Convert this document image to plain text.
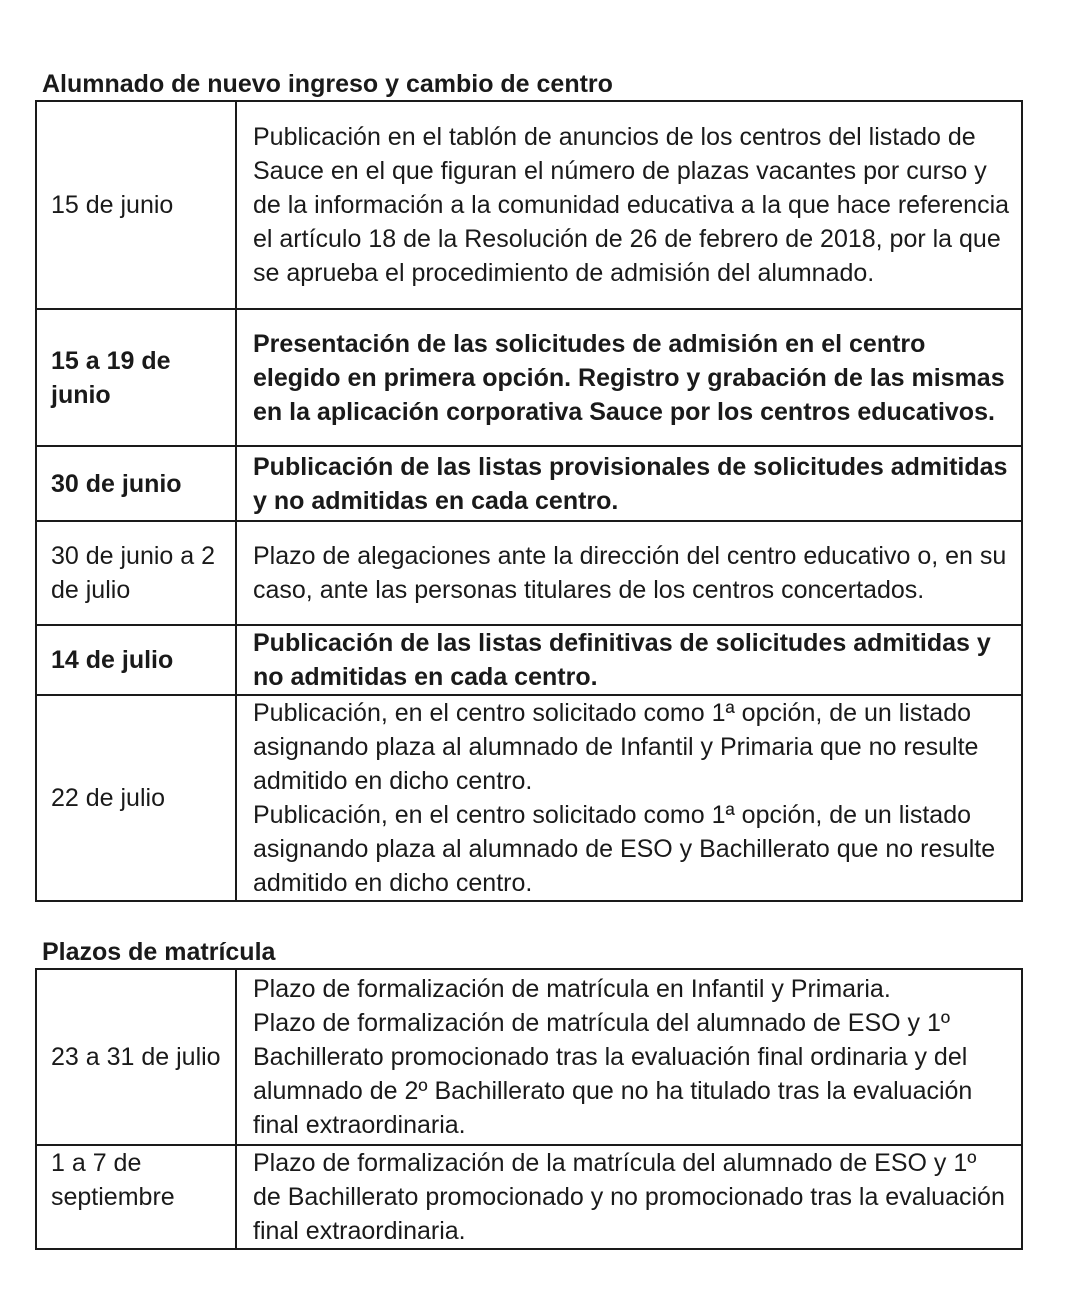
Alumnado de nuevo ingreso y cambio de centro
15 de junio	Publicación en el tablón de anuncios de los centros del listado de Sauce en el que figuran el número de plazas vacantes por curso y de la información a la comunidad educativa a la que hace referencia el artículo 18 de la Resolución de 26 de febrero de 2018, por la que se aprueba el procedimiento de admisión del alumnado.
15 a 19 de junio	Presentación de las solicitudes de admisión en el centro elegido en primera opción. Registro y grabación de las mismas en la aplicación corporativa Sauce por los centros educativos.
30 de junio	Publicación de las listas provisionales de solicitudes admitidas y no admitidas en cada centro.
30 de junio a 2 de julio	Plazo de alegaciones ante la dirección del centro educativo o, en su caso, ante las personas titulares de los centros concertados.
14 de julio	Publicación de las listas definitivas de solicitudes admitidas y no admitidas en cada centro.
22 de julio	Publicación, en el centro solicitado como 1ª opción, de un listado asignando plaza al alumnado de Infantil y Primaria que no resulte admitido en dicho centro.
Publicación, en el centro solicitado como 1ª opción, de un listado asignando plaza al alumnado de ESO y Bachillerato que no resulte admitido en dicho centro.
Plazos de matrícula
23 a 31 de julio	Plazo de formalización de matrícula en Infantil y Primaria.
Plazo de formalización de matrícula del alumnado de ESO y 1º Bachillerato promocionado tras la evaluación final ordinaria y del alumnado de 2º Bachillerato que no ha titulado tras la evaluación final extraordinaria.

1 a 7 de septiembre	Plazo de formalización de la matrícula del alumnado de ESO y 1º de Bachillerato promocionado y no promocionado tras la evaluación final extraordinaria.
